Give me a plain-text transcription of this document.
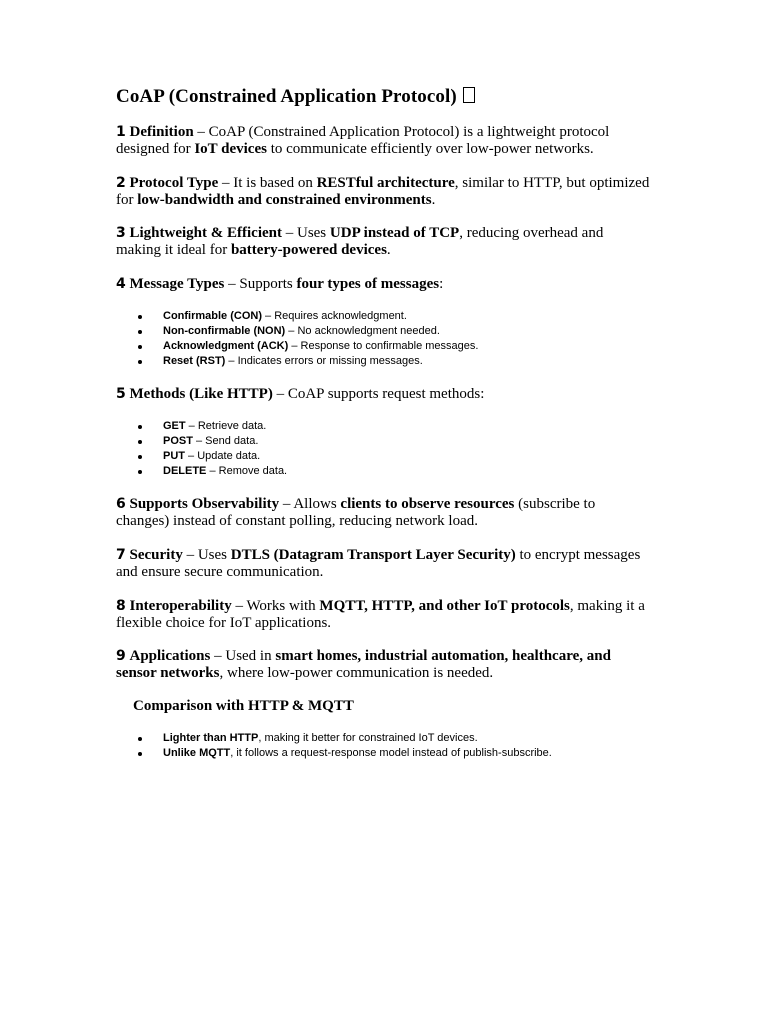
CoAP (Constrained Application Protocol)

1 Definition – CoAP (Constrained Application Protocol) is a lightweight protocol designed for IoT devices to communicate efficiently over low-power networks.

2 Protocol Type – It is based on RESTful architecture, similar to HTTP, but optimized for low-bandwidth and constrained environments.

3 Lightweight & Efficient – Uses UDP instead of TCP, reducing overhead and making it ideal for battery-powered devices.

4 Message Types – Supports four types of messages:

Confirmable (CON) – Requires acknowledgment.
Non-confirmable (NON) – No acknowledgment needed.
Acknowledgment (ACK) – Response to confirmable messages.
Reset (RST) – Indicates errors or missing messages.

5 Methods (Like HTTP) – CoAP supports request methods:

GET – Retrieve data.
POST – Send data.
PUT – Update data.
DELETE – Remove data.

6 Supports Observability – Allows clients to observe resources (subscribe to changes) instead of constant polling, reducing network load.

7 Security – Uses DTLS (Datagram Transport Layer Security) to encrypt messages and ensure secure communication.

8 Interoperability – Works with MQTT, HTTP, and other IoT protocols, making it a flexible choice for IoT applications.

9 Applications – Used in smart homes, industrial automation, healthcare, and sensor networks, where low-power communication is needed.

Comparison with HTTP & MQTT
Lighter than HTTP, making it better for constrained IoT devices.
Unlike MQTT, it follows a request-response model instead of publish-subscribe.
